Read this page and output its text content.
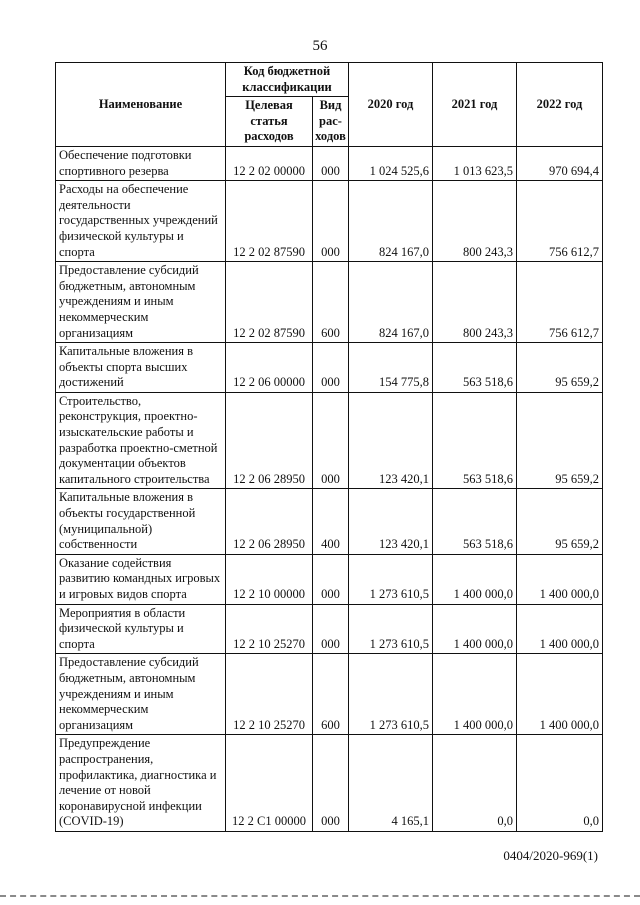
56
Наименование	Код бюджетной классификации		2020 год	2021 год	2022 год
	Целевая статья расходов	Вид рас-ходов			
Обеспечение подготовки спортивного резерва	12 2 02 00000	000	1 024 525,6	1 013 623,5	970 694,4
Расходы на обеспечение деятельности государственных учреждений физической культуры и спорта	12 2 02 87590	000	824 167,0	800 243,3	756 612,7
Предоставление субсидий бюджетным, автономным учреждениям и иным некоммерческим организациям	12 2 02 87590	600	824 167,0	800 243,3	756 612,7
Капитальные вложения в объекты спорта высших достижений	12 2 06 00000	000	154 775,8	563 518,6	95 659,2
Строительство, реконструкция, проектно-изыскательские работы и разработка проектно-сметной документации объектов капитального строительства	12 2 06 28950	000	123 420,1	563 518,6	95 659,2
Капитальные вложения в объекты государственной (муниципальной) собственности	12 2 06 28950	400	123 420,1	563 518,6	95 659,2
Оказание содействия развитию командных игровых и игровых видов спорта	12 2 10 00000	000	1 273 610,5	1 400 000,0	1 400 000,0
Мероприятия в области физической культуры и спорта	12 2 10 25270	000	1 273 610,5	1 400 000,0	1 400 000,0
Предоставление субсидий бюджетным, автономным учреждениям и иным некоммерческим организациям	12 2 10 25270	600	1 273 610,5	1 400 000,0	1 400 000,0
Предупреждение распространения, профилактика, диагностика и лечение от новой коронавирусной инфекции (COVID-19)	12 2 C1 00000	000	4 165,1	0,0	0,0
0404/2020-969(1)
